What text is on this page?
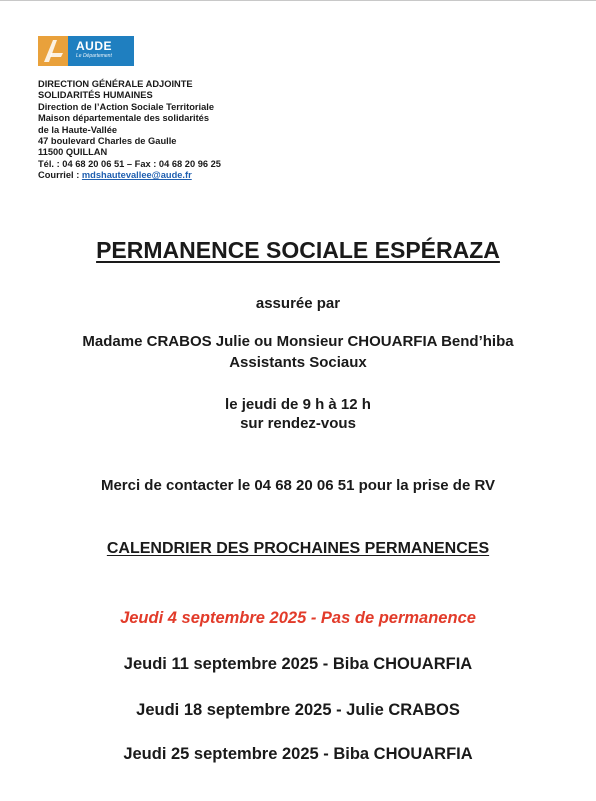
AUDE
Le Département
DIRECTION GÉNÉRALE ADJOINTE
SOLIDARITÉS HUMAINES
Direction de l’Action Sociale Territoriale
Maison départementale des solidarités
de la Haute-Vallée
47 boulevard Charles de Gaulle
11500 QUILLAN
Tél. : 04 68 20 06 51 – Fax : 04 68 20 96 25
Courriel : mdshautevallee@aude.fr
PERMANENCE SOCIALE ESPÉRAZA
assurée par
Madame CRABOS Julie ou Monsieur CHOUARFIA Bend’hiba
Assistants Sociaux
le jeudi de 9 h à 12 h
sur rendez-vous
Merci de contacter le 04 68 20 06 51 pour la prise de RV
CALENDRIER DES PROCHAINES PERMANENCES
Jeudi 4 septembre 2025 - Pas de permanence
Jeudi 11 septembre 2025 - Biba CHOUARFIA
Jeudi 18 septembre 2025 - Julie CRABOS
Jeudi 25 septembre 2025 - Biba CHOUARFIA
